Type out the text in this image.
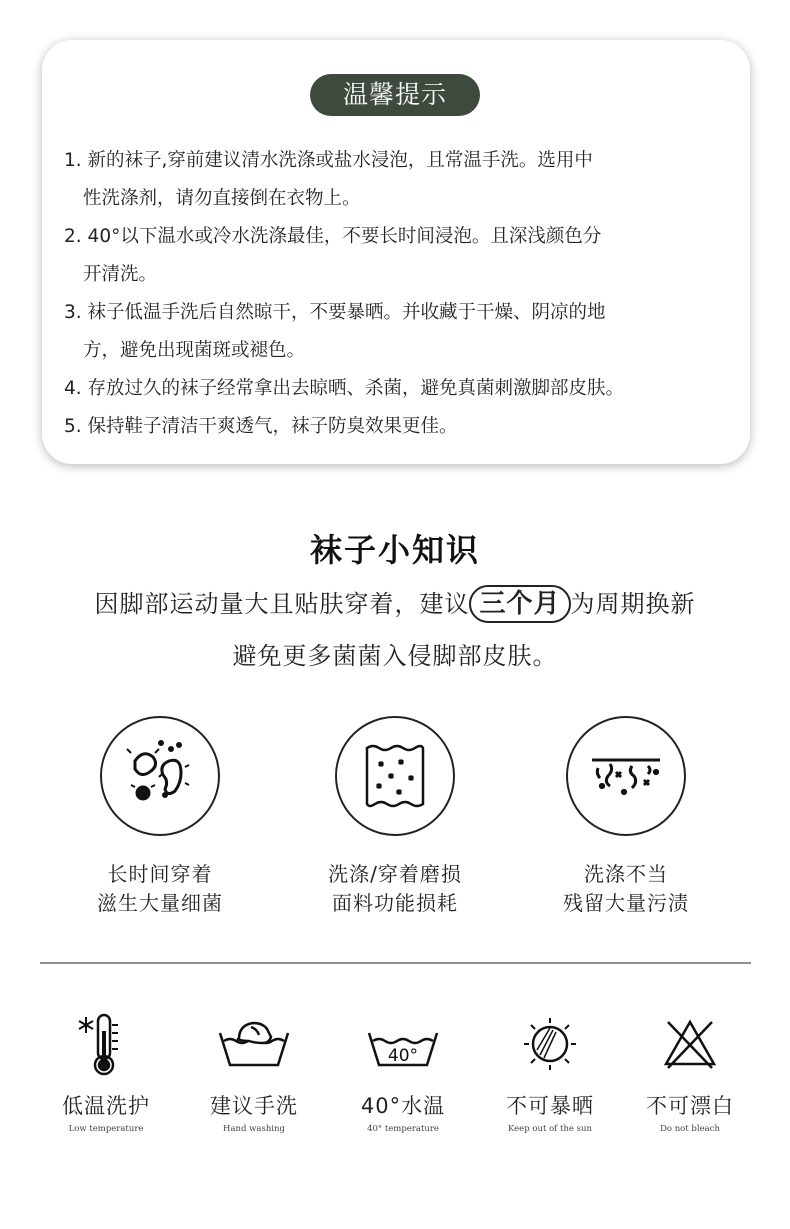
温馨提示
1. 新的袜子,穿前建议清水洗涤或盐水浸泡，且常温手洗。选用中
性洗涤剂，请勿直接倒在衣物上。
2. 40°以下温水或冷水洗涤最佳，不要长时间浸泡。且深浅颜色分
开清洗。
3. 袜子低温手洗后自然晾干，不要暴晒。并收藏于干燥、阴凉的地
方，避免出现菌斑或褪色。
4. 存放过久的袜子经常拿出去晾晒、杀菌，避免真菌刺激脚部皮肤。
5. 保持鞋子清洁干爽透气，袜子防臭效果更佳。
袜子小知识
因脚部运动量大且贴肤穿着，建议 三个月 为周期换新
避免更多菌菌入侵脚部皮肤。
长时间穿着
滋生大量细菌
洗涤/穿着磨损
面料功能损耗
洗涤不当
残留大量污渍
低温洗护
Low temperature
建议手洗
Hand washing
40°
40°水温
40° temperature
不可暴晒
Keep out of the sun
不可漂白
Do not bleach
